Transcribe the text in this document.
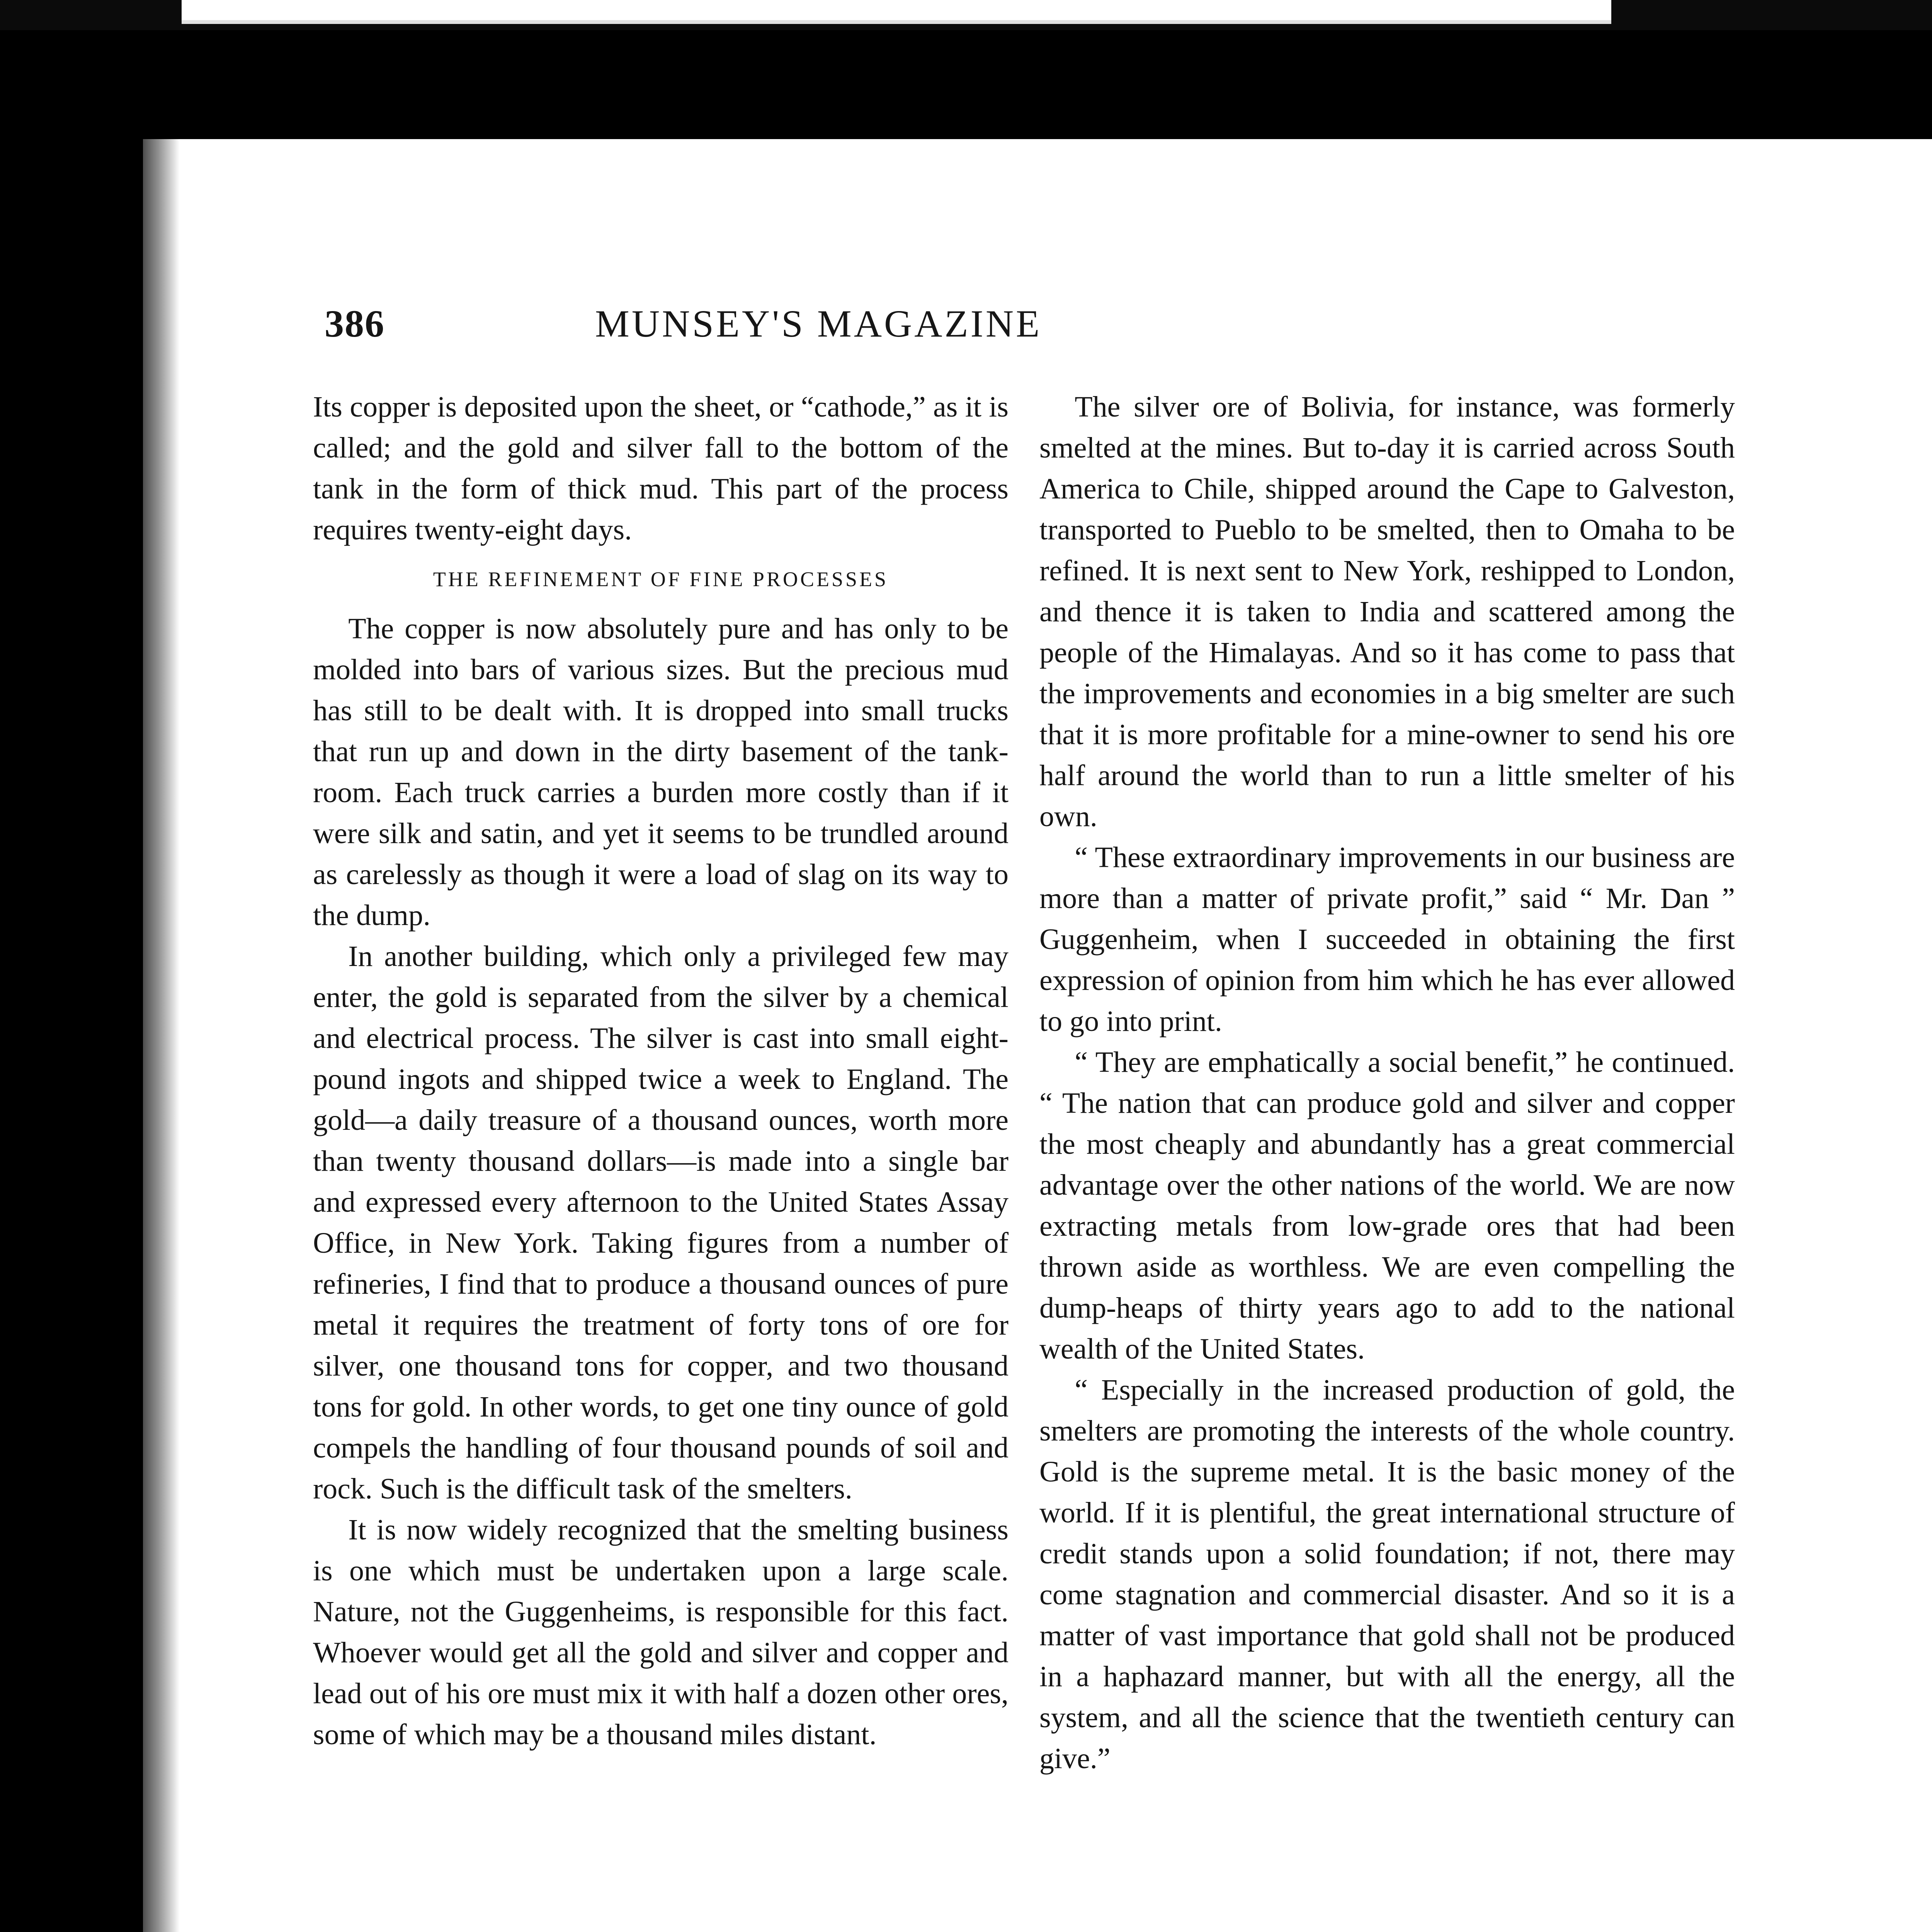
386	MUNSEY'S MAGAZINE

Its copper is deposited upon the sheet, or “cathode,” as it is called; and the gold and silver fall to the bottom of the tank in the form of thick mud. This part of the process requires twenty-eight days.

THE REFINEMENT OF FINE PROCESSES

The copper is now absolutely pure and has only to be molded into bars of various sizes. But the precious mud has still to be dealt with. It is dropped into small trucks that run up and down in the dirty basement of the tank-room. Each truck carries a burden more costly than if it were silk and satin, and yet it seems to be trundled around as carelessly as though it were a load of slag on its way to the dump.

In another building, which only a privileged few may enter, the gold is separated from the silver by a chemical and electrical process. The silver is cast into small eight-pound ingots and shipped twice a week to England. The gold—a daily treasure of a thousand ounces, worth more than twenty thousand dollars—is made into a single bar and expressed every afternoon to the United States Assay Office, in New York. Taking figures from a number of refineries, I find that to produce a thousand ounces of pure metal it requires the treatment of forty tons of ore for silver, one thousand tons for copper, and two thousand tons for gold. In other words, to get one tiny ounce of gold compels the handling of four thousand pounds of soil and rock. Such is the difficult task of the smelters.

It is now widely recognized that the smelting business is one which must be undertaken upon a large scale. Nature, not the Guggenheims, is responsible for this fact. Whoever would get all the gold and silver and copper and lead out of his ore must mix it with half a dozen other ores, some of which may be a thousand miles distant.

The silver ore of Bolivia, for instance, was formerly smelted at the mines. But to-day it is carried across South America to Chile, shipped around the Cape to Galveston, transported to Pueblo to be smelted, then to Omaha to be refined. It is next sent to New York, reshipped to London, and thence it is taken to India and scattered among the people of the Himalayas. And so it has come to pass that the improvements and economies in a big smelter are such that it is more profitable for a mine-owner to send his ore half around the world than to run a little smelter of his own.

“ These extraordinary improvements in our business are more than a matter of private profit,” said “ Mr. Dan ” Guggenheim, when I succeeded in obtaining the first expression of opinion from him which he has ever allowed to go into print.

“ They are emphatically a social benefit,” he continued. “ The nation that can produce gold and silver and copper the most cheaply and abundantly has a great commercial advantage over the other nations of the world. We are now extracting metals from low-grade ores that had been thrown aside as worthless. We are even compelling the dump-heaps of thirty years ago to add to the national wealth of the United States.

“ Especially in the increased production of gold, the smelters are promoting the interests of the whole country. Gold is the supreme metal. It is the basic money of the world. If it is plentiful, the great international structure of credit stands upon a solid foundation; if not, there may come stagnation and commercial disaster. And so it is a matter of vast importance that gold shall not be produced in a haphazard manner, but with all the energy, all the system, and all the science that the twentieth century can give.”
